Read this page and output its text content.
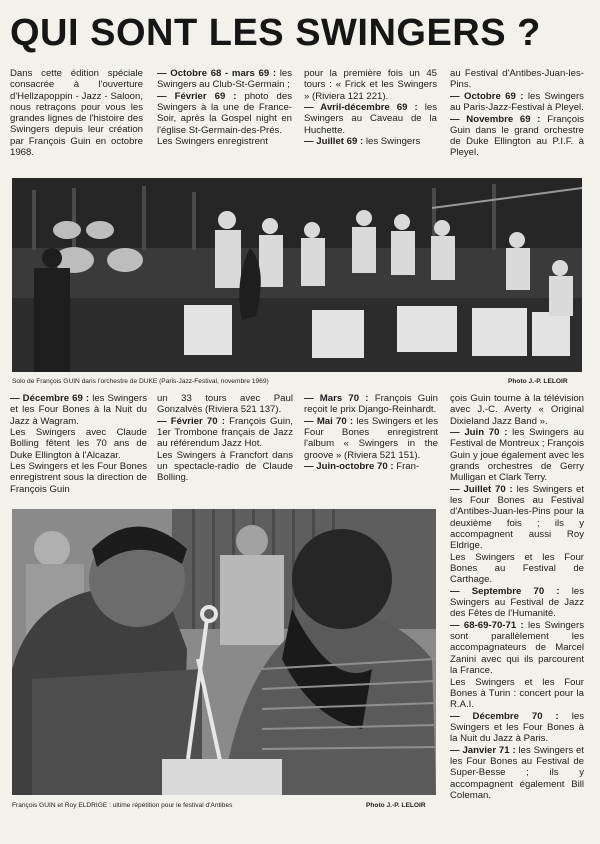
QUI SONT LES SWINGERS ?

Dans cette édition spéciale consacrée à l'ouverture d'Hellzapoppin - Jazz - Saloon, nous retraçons pour vous les grandes lignes de l'histoire des Swingers depuis leur création par François Guin en octobre 1968.

— Octobre 68 - mars 69 : les Swingers au Club-St-Germain ;

— Février 69 : photo des Swingers à la une de France-Soir, après la Gospel night en l'église St-Germain-des-Prés.

Les Swingers enregistrent

pour la première fois un 45 tours : « Frick et les Swingers » (Riviera 121 221).

— Avril-décembre 69 : les Swingers au Caveau de la Huchette.

— Juillet 69 : les Swingers

au Festival d'Antibes-Juan-les-Pins.

— Octobre 69 : les Swingers au Paris-Jazz-Festival à Pleyel.

— Novembre 69 : François Guin dans le grand orchestre de Duke Ellington au P.I.F. à Pleyel.

Solo de François GUIN dans l'orchestre de DUKE (Paris-Jazz-Festival, novembre 1969)	Photo J.-P. LELOIR

— Décembre 69 : les Swingers et les Four Bones à la Nuit du Jazz à Wagram.

Les Swingers avec Claude Bolling fêtent les 70 ans de Duke Ellington à l'Alcazar.

Les Swingers et les Four Bones enregistrent sous la direction de François Guin

un 33 tours avec Paul Gonzalvès (Riviera 521 137).

— Février 70 : François Guin, 1er Trombone français de Jazz au référendum Jazz Hot.

Les Swingers à Francfort dans un spectacle-radio de Claude Bolling.

— Mars 70 : François Guin reçoit le prix Django-Reinhardt.

— Mai 70 : les Swingers et les Four Bones enregistrent l'album « Swingers in the groove » (Riviera 521 151).

— Juin-octobre 70 : Fran-

çois Guin tourne à la télévision avec J.-C. Averty « Original Dixieland Jazz Band ».

— Juin 70 : les Swingers au Festival de Montreux ; François Guin y joue également avec les grands orchestres de Gerry Mulligan et Clark Terry.

— Juillet 70 : les Swingers et les Four Bones au Festival d'Antibes-Juan-les-Pins pour la deuxième fois ; ils y accompagnent aussi Roy Eldrige.

Les Swingers et les Four Bones au Festival de Carthage.

— Septembre 70 : les Swingers au Festival de Jazz des Fêtes de l'Humanité.

— 68-69-70-71 : les Swingers sont parallèlement les accompagnateurs de Marcel Zanini avec qui ils parcourent la France.

Les Swingers et les Four Bones à Turin : concert pour la R.A.I.

— Décembre 70 : les Swingers et les Four Bones à la Nuit du Jazz à Paris.

— Janvier 71 : les Swingers et les Four Bones au Festival de Super-Besse ; ils y accompagnent également Bill Coleman.

François GUIN et Roy ELDRIGE : ultime répétition pour le festival d'Antibes	Photo J.-P. LELOIR
